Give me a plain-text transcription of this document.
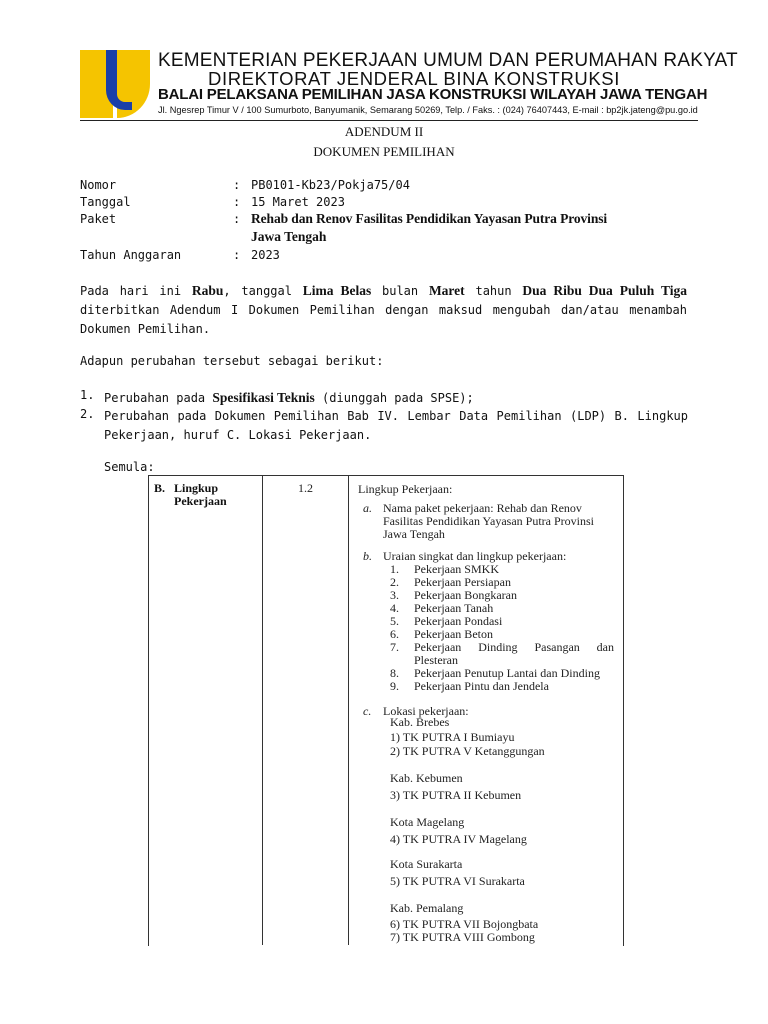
KEMENTERIAN PEKERJAAN UMUM DAN PERUMAHAN RAKYAT
DIREKTORAT JENDERAL BINA KONSTRUKSI
BALAI PELAKSANA PEMILIHAN JASA KONSTRUKSI WILAYAH JAWA TENGAH
Jl. Ngesrep Timur V / 100 Sumurboto, Banyumanik, Semarang 50269, Telp. / Faks. : (024) 76407443, E-mail : bp2jk.jateng@pu.go.id
ADENDUM II
DOKUMEN PEMILIHAN
Nomor	: PB0101-Kb23/Pokja75/04
Tanggal	: 15 Maret 2023
Paket	: Rehab dan Renov Fasilitas Pendidikan Yayasan Putra Provinsi
Jawa Tengah
Tahun Anggaran	: 2023
Pada hari ini Rabu, tanggal Lima Belas bulan Maret tahun Dua Ribu Dua Puluh Tiga diterbitkan Adendum I Dokumen Pemilihan dengan maksud mengubah dan/atau menambah Dokumen Pemilihan.
Adapun perubahan tersebut sebagai berikut:
1. Perubahan pada Spesifikasi Teknis (diunggah pada SPSE);
2. Perubahan pada Dokumen Pemilihan Bab IV. Lembar Data Pemilihan (LDP) B. Lingkup Pekerjaan, huruf C. Lokasi Pekerjaan.
Semula:
B. Lingkup
Pekerjaan
1.2	Lingkup Pekerjaan:
a. Nama paket pekerjaan: Rehab dan Renov
Fasilitas Pendidikan Yayasan Putra Provinsi
Jawa Tengah
b. Uraian singkat dan lingkup pekerjaan:
1. Pekerjaan SMKK
2. Pekerjaan Persiapan
3. Pekerjaan Bongkaran
4. Pekerjaan Tanah
5. Pekerjaan Pondasi
6. Pekerjaan Beton
7. Pekerjaan Dinding Pasangan dan
Plesteran
8. Pekerjaan Penutup Lantai dan Dinding
9. Pekerjaan Pintu dan Jendela
c. Lokasi pekerjaan:
Kab. Brebes
1) TK PUTRA I Bumiayu
2) TK PUTRA V Ketanggungan
Kab. Kebumen
3) TK PUTRA II Kebumen
Kota Magelang
4) TK PUTRA IV Magelang
Kota Surakarta
5) TK PUTRA VI Surakarta
Kab. Pemalang
6) TK PUTRA VII Bojongbata
7) TK PUTRA VIII Gombong
